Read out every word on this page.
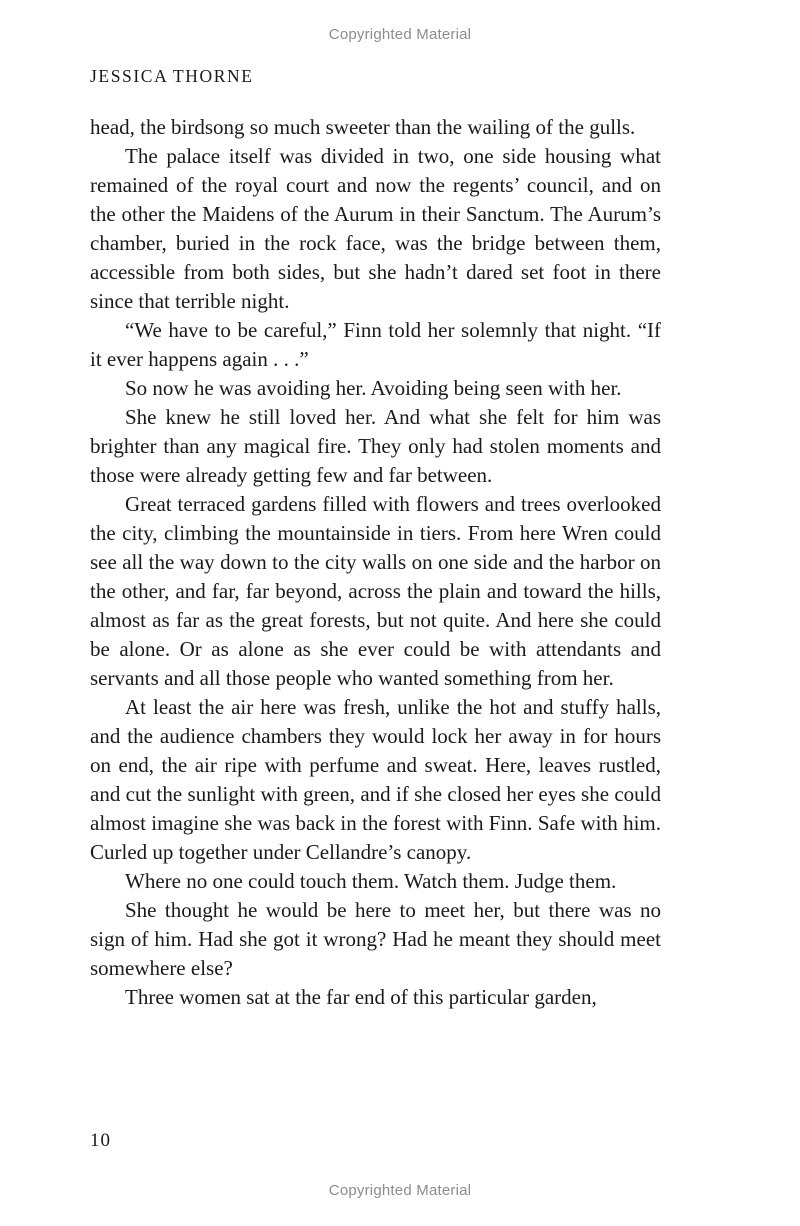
Copyrighted Material
JESSICA THORNE

head, the birdsong so much sweeter than the wailing of the gulls.

The palace itself was divided in two, one side housing what remained of the royal court and now the regents’ council, and on the other the Maidens of the Aurum in their Sanctum. The Aurum’s chamber, buried in the rock face, was the bridge between them, accessible from both sides, but she hadn’t dared set foot in there since that terrible night.

“We have to be careful,” Finn told her solemnly that night. “If it ever happens again . . .”

So now he was avoiding her. Avoiding being seen with her.

She knew he still loved her. And what she felt for him was brighter than any magical fire. They only had stolen moments and those were already getting few and far between.

Great terraced gardens filled with flowers and trees overlooked the city, climbing the mountainside in tiers. From here Wren could see all the way down to the city walls on one side and the harbor on the other, and far, far beyond, across the plain and toward the hills, almost as far as the great forests, but not quite. And here she could be alone. Or as alone as she ever could be with attendants and servants and all those people who wanted something from her.

At least the air here was fresh, unlike the hot and stuffy halls, and the audience chambers they would lock her away in for hours on end, the air ripe with perfume and sweat. Here, leaves rustled, and cut the sunlight with green, and if she closed her eyes she could almost imagine she was back in the forest with Finn. Safe with him. Curled up together under Cellandre’s canopy.

Where no one could touch them. Watch them. Judge them.

She thought he would be here to meet her, but there was no sign of him. Had she got it wrong? Had he meant they should meet somewhere else?

Three women sat at the far end of this particular garden,

10
Copyrighted Material
